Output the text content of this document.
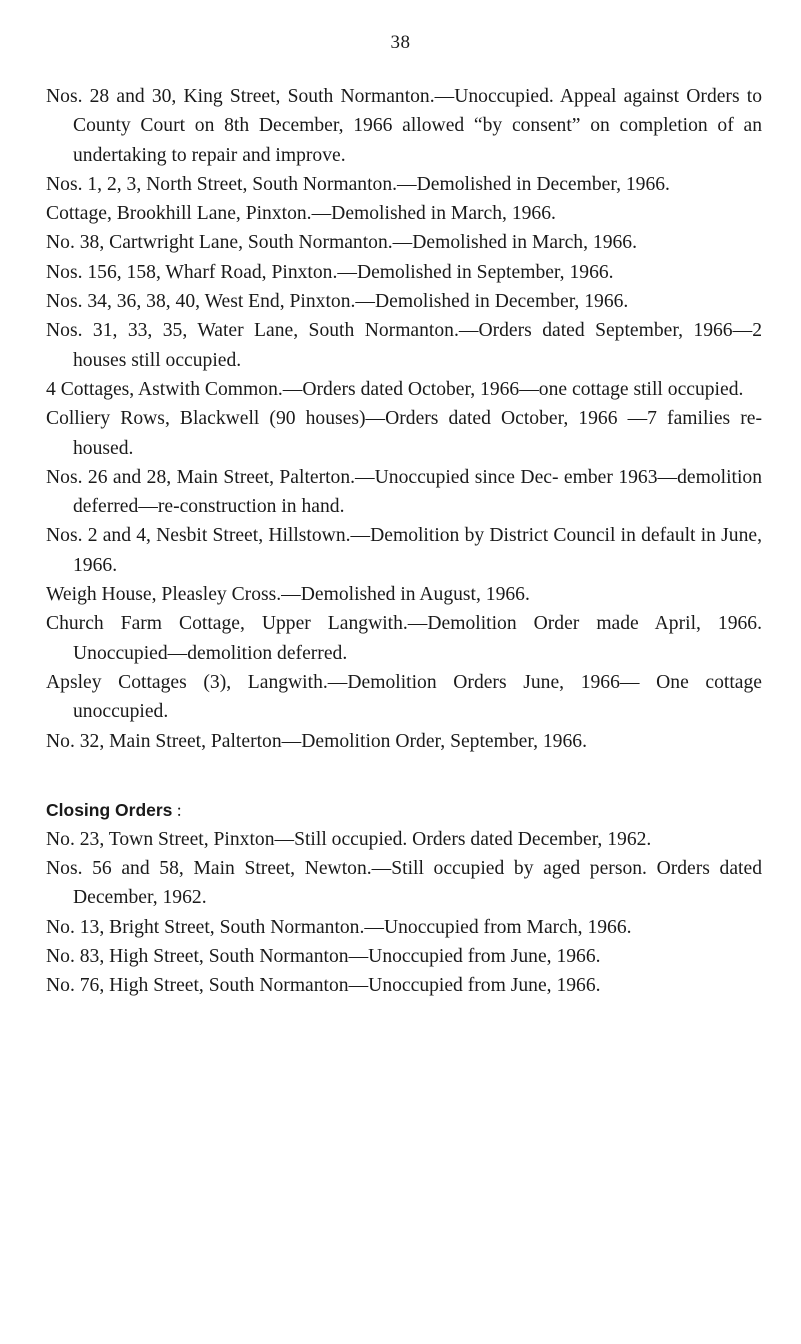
38

Nos. 28 and 30, King Street, South Normanton.—Unoccupied. Appeal against Orders to County Court on 8th December, 1966 allowed “by consent” on completion of an undertaking to repair and improve.

Nos. 1, 2, 3, North Street, South Normanton.—Demolished in December, 1966.

Cottage, Brookhill Lane, Pinxton.—Demolished in March, 1966.

No. 38, Cartwright Lane, South Normanton.—Demolished in March, 1966.

Nos. 156, 158, Wharf Road, Pinxton.—Demolished in September, 1966.

Nos. 34, 36, 38, 40, West End, Pinxton.—Demolished in December, 1966.

Nos. 31, 33, 35, Water Lane, South Normanton.—Orders dated September, 1966—2 houses still occupied.

4 Cottages, Astwith Common.—Orders dated October, 1966—one cottage still occupied.

Colliery Rows, Blackwell (90 houses)—Orders dated October, 1966 —7 families re-housed.

Nos. 26 and 28, Main Street, Palterton.—Unoccupied since Dec- ember 1963—demolition deferred—re-construction in hand.

Nos. 2 and 4, Nesbit Street, Hillstown.—Demolition by District Council in default in June, 1966.

Weigh House, Pleasley Cross.—Demolished in August, 1966.

Church Farm Cottage, Upper Langwith.—Demolition Order made April, 1966. Unoccupied—demolition deferred.

Apsley Cottages (3), Langwith.—Demolition Orders June, 1966— One cottage unoccupied.

No. 32, Main Street, Palterton—Demolition Order, September, 1966.

Closing Orders :

No. 23, Town Street, Pinxton—Still occupied. Orders dated December, 1962.

Nos. 56 and 58, Main Street, Newton.—Still occupied by aged person. Orders dated December, 1962.

No. 13, Bright Street, South Normanton.—Unoccupied from March, 1966.

No. 83, High Street, South Normanton—Unoccupied from June, 1966.

No. 76, High Street, South Normanton—Unoccupied from June, 1966.
